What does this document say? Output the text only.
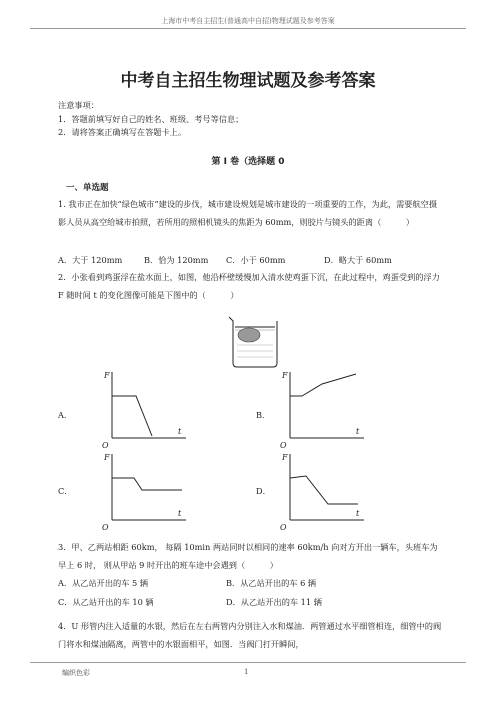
上海市中考自主招生(普通高中自招)物理试题及参考答案
中考自主招生物理试题及参考答案
注意事项：
1．答题前填写好自己的姓名、班级、考号等信息；
2．请将答案正确填写在答题卡上。
第 I 卷（选择题 0
一、单选题
1. 我市正在加快“绿色城市”建设的步伐，城市建设规划是城市建设的一项重要的工作，为此，需要航空摄影人员从高空给城市拍照，若所用的照相机镜头的焦距为 60mm，则胶片与镜头的距离（　　　）
A．大于 120mm	B．恰为 120mm C．小于 60mm	D．略大于 60mm
2．小张看到鸡蛋浮在盐水面上，如图，他沿杯壁缓慢加入清水使鸡蛋下沉，在此过程中，鸡蛋受到的浮力 F 随时间 t 的变化图像可能是下图中的（　　　）
A．
F
O
t
B．
F
O
t
C．
F
O
t
D．
F
O
t
3．甲、乙两站相距 60km， 每隔 10min 两站同时以相同的速率 60km/h 向对方开出一辆车，头班车为早上 6 时， 则从甲站 9 时开出的班车途中会遇到（　　　）
A．从乙站开出的车 5 辆	B．从乙站开出的车 6 辆
C．从乙站开出的车 10 辆	D．从乙站开出的车 11 辆
4．U 形管内注入适量的水银，然后在左右两管内分别注入水和煤油．两管通过水平细管相连，细管中的阀门将水和煤油隔离，两管中的水银面相平，如图．当阀门打开瞬间，
编织色彩	1
